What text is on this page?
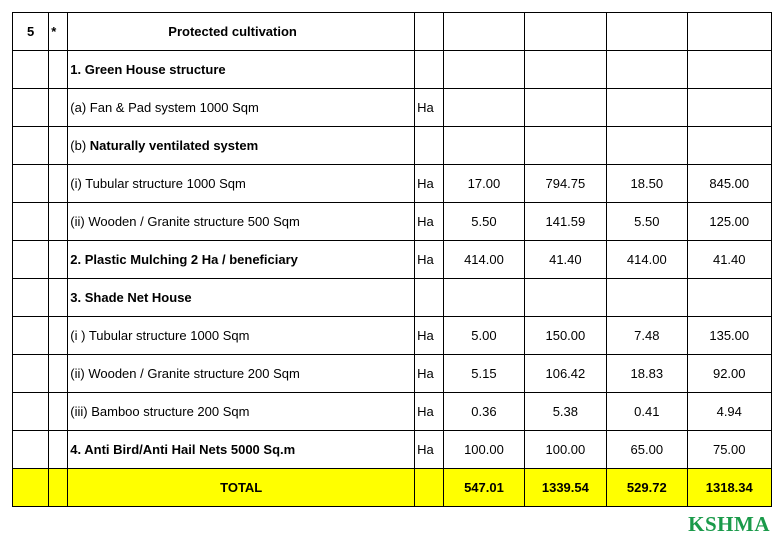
5	*	Protected cultivation					
		1. Green House structure					
		(a) Fan & Pad system 1000 Sqm	Ha				
		(b) Naturally ventilated system					
		(i) Tubular structure 1000 Sqm	Ha	17.00	794.75	18.50	845.00
		(ii) Wooden / Granite structure 500 Sqm	Ha	5.50	141.59	5.50	125.00
		2. Plastic Mulching 2 Ha / beneficiary	Ha	414.00	41.40	414.00	41.40
		3. Shade Net House					
		(i ) Tubular structure 1000 Sqm	Ha	5.00	150.00	7.48	135.00
		(ii) Wooden / Granite structure 200 Sqm	Ha	5.15	106.42	18.83	92.00
		(iii) Bamboo structure 200 Sqm	Ha	0.36	5.38	0.41	4.94
		4. Anti Bird/Anti Hail Nets 5000 Sq.m	Ha	100.00	100.00	65.00	75.00
		TOTAL		547.01	1339.54	529.72	1318.34
KSHMA
